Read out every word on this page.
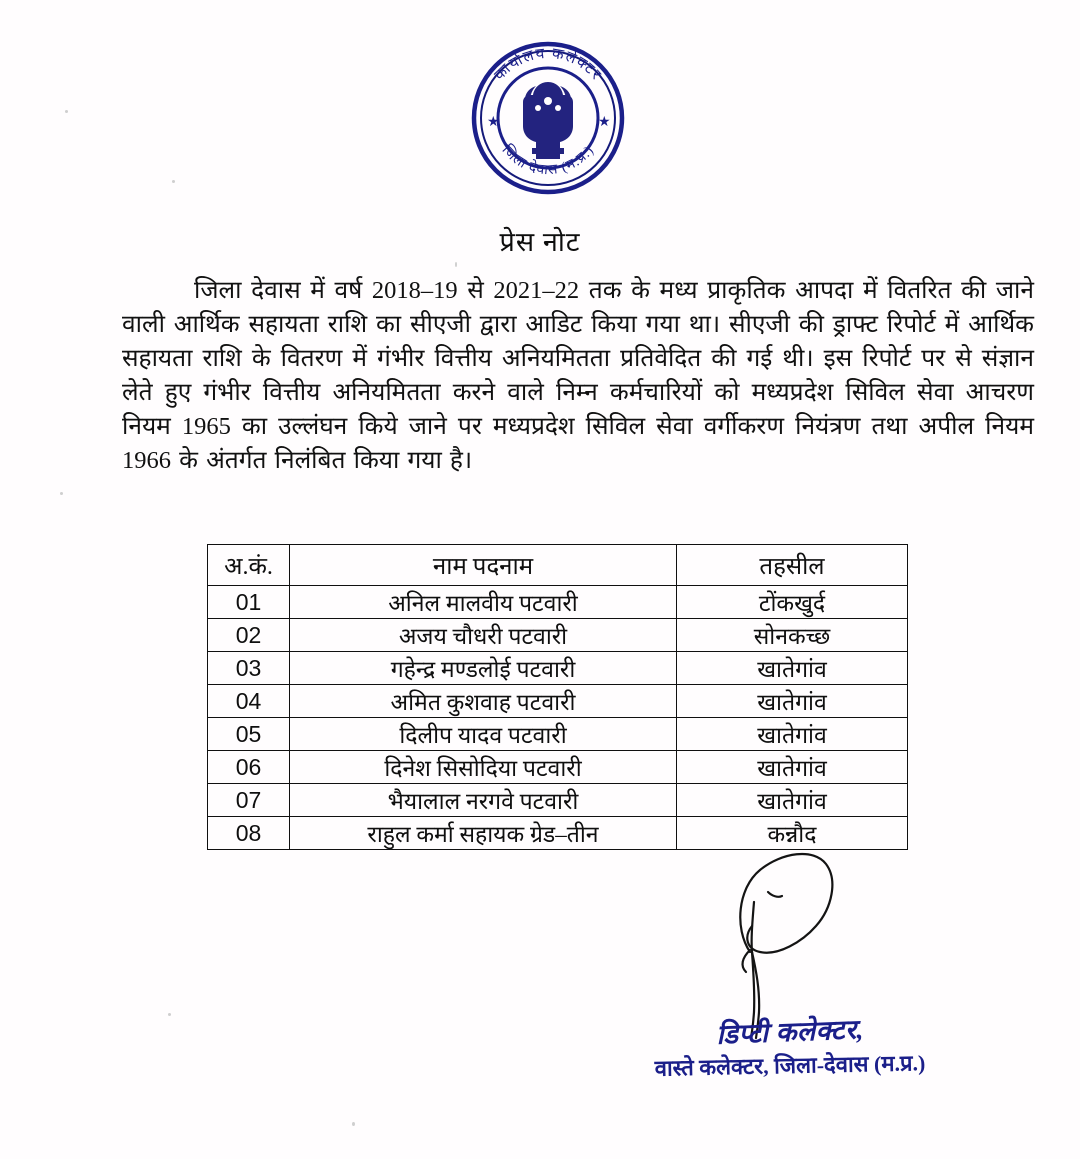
★	★
कार्यालय कलेक्टर
जिला देवास (म.प्र.)
प्रेस नोट
जिला देवास में वर्ष 2018–19 से 2021–22 तक के मध्य प्राकृतिक आपदा में वितरित की जाने वाली आर्थिक सहायता राशि का सीएजी द्वारा आडिट किया गया था। सीएजी की ड्राफ्ट रिपोर्ट में आर्थिक सहायता राशि के वितरण में गंभीर वित्तीय अनियमितता प्रतिवेदित की गई थी। इस रिपोर्ट पर से संज्ञान लेते हुए गंभीर वित्तीय अनियमितता करने वाले निम्न कर्मचारियों को मध्यप्रदेश सिविल सेवा आचरण नियम 1965 का उल्लंघन किये जाने पर मध्यप्रदेश सिविल सेवा वर्गीकरण नियंत्रण तथा अपील नियम 1966 के अंतर्गत निलंबित किया गया है।
अ.कं.	नाम पदनाम	तहसील
01	अनिल मालवीय पटवारी	टोंकखुर्द
02	अजय चौधरी पटवारी	सोनकच्छ
03	गहेन्द्र मण्डलोई पटवारी	खातेगांव
04	अमित कुशवाह पटवारी	खातेगांव
05	दिलीप यादव पटवारी	खातेगांव
06	दिनेश सिसोदिया पटवारी	खातेगांव
07	भैयालाल नरगवे पटवारी	खातेगांव
08	राहुल कर्मा सहायक ग्रेड–तीन	कन्नौद
डिप्टी कलेक्टर,
वास्ते कलेक्टर, जिला-देवास (म.प्र.)
